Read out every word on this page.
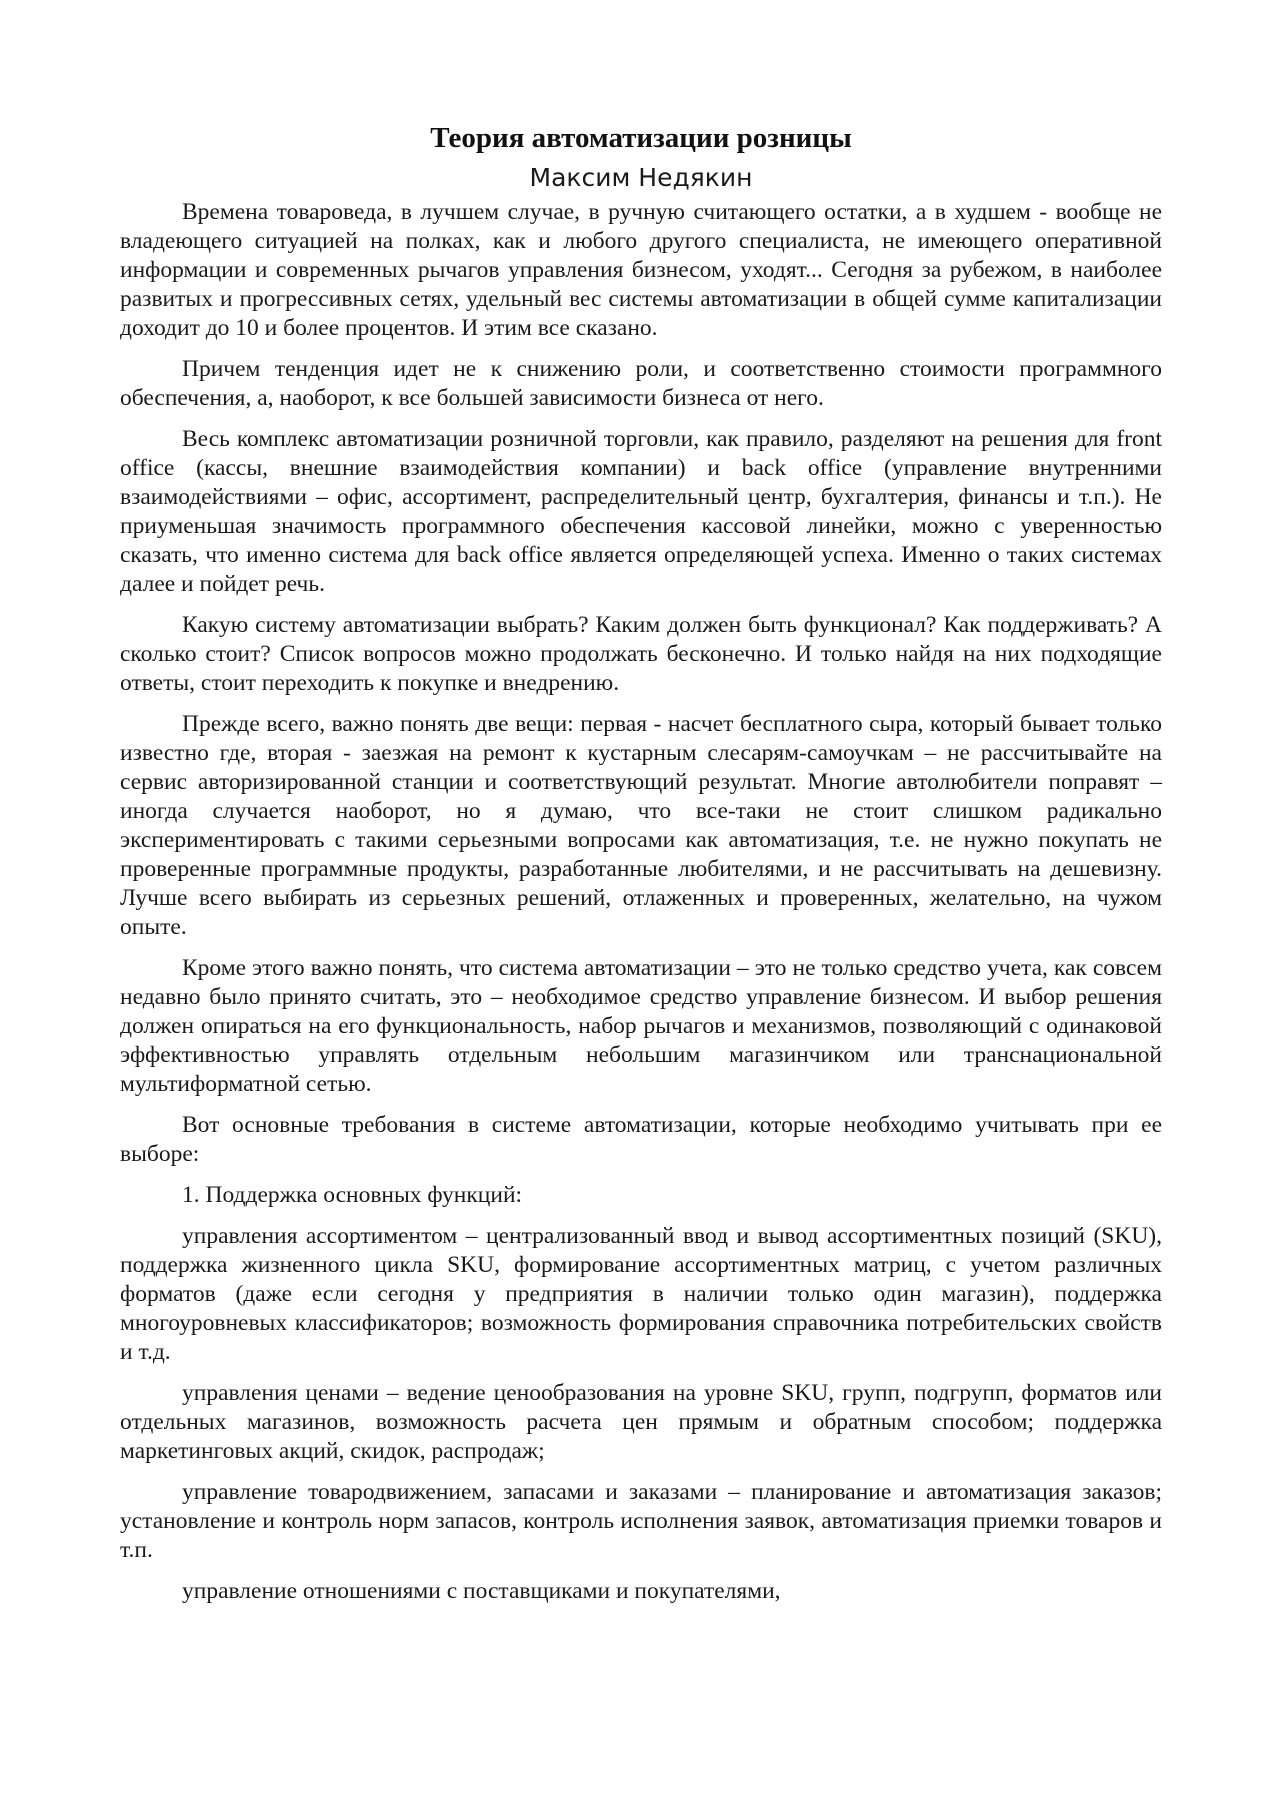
Теория автоматизации розницы
Максим Недякин

Времена товароведа, в лучшем случае, в ручную считающего остатки, а в худшем - вообще не владеющего ситуацией на полках, как и любого другого специалиста, не имеющего оперативной информации и современных рычагов управления бизнесом, уходят... Сегодня за рубежом, в наиболее развитых и прогрессивных сетях, удельный вес системы автоматизации в общей сумме капитализации доходит до 10 и более процентов. И этим все сказано.

Причем тенденция идет не к снижению роли, и соответственно стоимости программного обеспечения, а, наоборот, к все большей зависимости бизнеса от него.

Весь комплекс автоматизации розничной торговли, как правило, разделяют на решения для front office (кассы, внешние взаимодействия компании) и back office (управление внутренними взаимодействиями – офис, ассортимент, распределительный центр, бухгалтерия, финансы и т.п.). Не приуменьшая значимость программного обеспечения кассовой линейки, можно с уверенностью сказать, что именно система для back office является определяющей успеха. Именно о таких системах далее и пойдет речь.

Какую систему автоматизации выбрать? Каким должен быть функционал? Как поддерживать? А сколько стоит? Список вопросов можно продолжать бесконечно. И только найдя на них подходящие ответы, стоит переходить к покупке и внедрению.

Прежде всего, важно понять две вещи: первая - насчет бесплатного сыра, который бывает только известно где, вторая - заезжая на ремонт к кустарным слесарям-самоучкам – не рассчитывайте на сервис авторизированной станции и соответствующий результат. Многие автолюбители поправят – иногда случается наоборот, но я думаю, что все-таки не стоит слишком радикально экспериментировать с такими серьезными вопросами как автоматизация, т.е. не нужно покупать не проверенные программные продукты, разработанные любителями, и не рассчитывать на дешевизну. Лучше всего выбирать из серьезных решений, отлаженных и проверенных, желательно, на чужом опыте.

Кроме этого важно понять, что система автоматизации – это не только средство учета, как совсем недавно было принято считать, это – необходимое средство управление бизнесом. И выбор решения должен опираться на его функциональность, набор рычагов и механизмов, позволяющий с одинаковой эффективностью управлять отдельным небольшим магазинчиком или транснациональной мультиформатной сетью.

Вот основные требования в системе автоматизации, которые необходимо учитывать при ее выборе:

1. Поддержка основных функций:

управления ассортиментом – централизованный ввод и вывод ассортиментных позиций (SKU), поддержка жизненного цикла SKU, формирование ассортиментных матриц, с учетом различных форматов (даже если сегодня у предприятия в наличии только один магазин), поддержка многоуровневых классификаторов; возможность формирования справочника потребительских свойств и т.д.

управления ценами – ведение ценообразования на уровне SKU, групп, подгрупп, форматов или отдельных магазинов, возможность расчета цен прямым и обратным способом; поддержка маркетинговых акций, скидок, распродаж;

управление товародвижением, запасами и заказами – планирование и автоматизация заказов; установление и контроль норм запасов, контроль исполнения заявок, автоматизация приемки товаров и т.п.

управление отношениями с поставщиками и покупателями,
